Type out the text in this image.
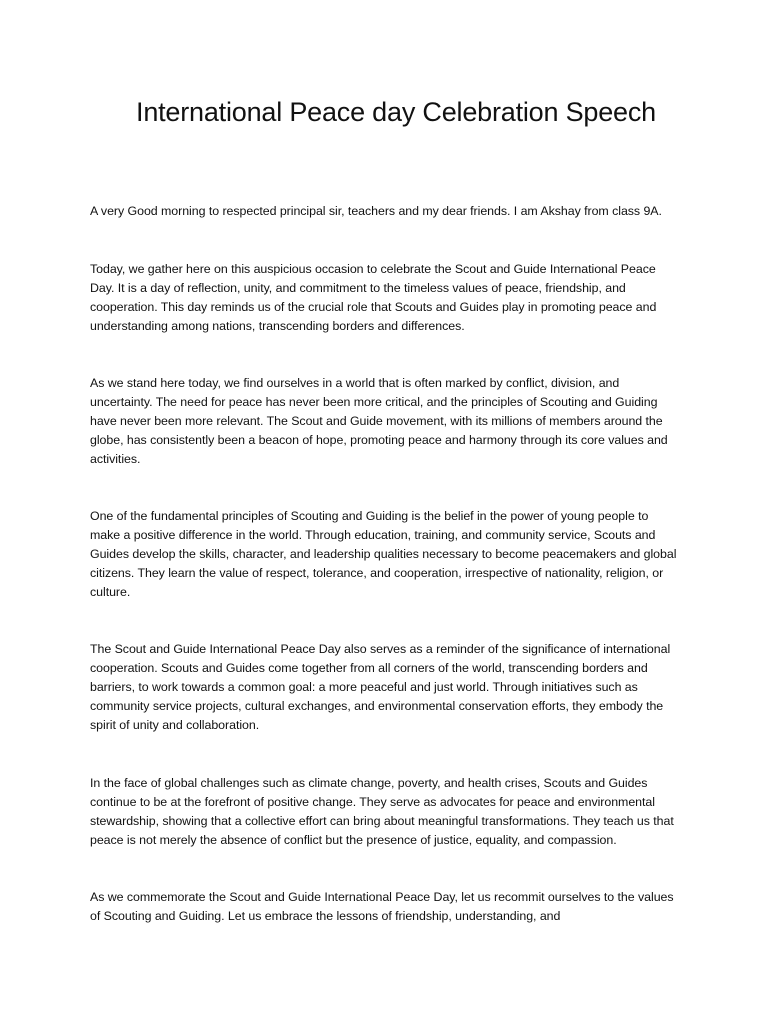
International Peace day Celebration Speech

A very Good morning to respected principal sir, teachers and my dear friends. I am Akshay from class 9A.

Today, we gather here on this auspicious occasion to celebrate the Scout and Guide International Peace Day. It is a day of reflection, unity, and commitment to the timeless values of peace, friendship, and cooperation. This day reminds us of the crucial role that Scouts and Guides play in promoting peace and understanding among nations, transcending borders and differences.

As we stand here today, we find ourselves in a world that is often marked by conflict, division, and uncertainty. The need for peace has never been more critical, and the principles of Scouting and Guiding have never been more relevant. The Scout and Guide movement, with its millions of members around the globe, has consistently been a beacon of hope, promoting peace and harmony through its core values and activities.

One of the fundamental principles of Scouting and Guiding is the belief in the power of young people to make a positive difference in the world. Through education, training, and community service, Scouts and Guides develop the skills, character, and leadership qualities necessary to become peacemakers and global citizens. They learn the value of respect, tolerance, and cooperation, irrespective of nationality, religion, or culture.

The Scout and Guide International Peace Day also serves as a reminder of the significance of international cooperation. Scouts and Guides come together from all corners of the world, transcending borders and barriers, to work towards a common goal: a more peaceful and just world. Through initiatives such as community service projects, cultural exchanges, and environmental conservation efforts, they embody the spirit of unity and collaboration.

In the face of global challenges such as climate change, poverty, and health crises, Scouts and Guides continue to be at the forefront of positive change. They serve as advocates for peace and environmental stewardship, showing that a collective effort can bring about meaningful transformations. They teach us that peace is not merely the absence of conflict but the presence of justice, equality, and compassion.

As we commemorate the Scout and Guide International Peace Day, let us recommit ourselves to the values of Scouting and Guiding. Let us embrace the lessons of friendship, understanding, and
